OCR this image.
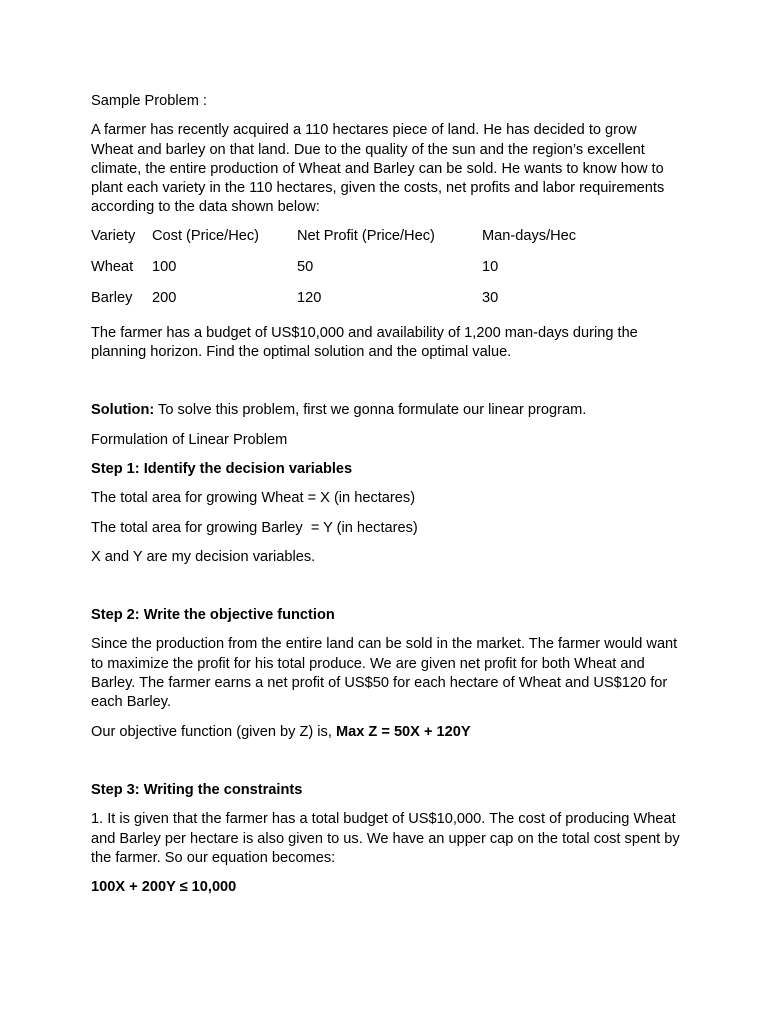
Sample Problem :

A farmer has recently acquired a 110 hectares piece of land. He has decided to grow Wheat and barley on that land. Due to the quality of the sun and the region’s excellent climate, the entire production of Wheat and Barley can be sold. He wants to know how to plant each variety in the 110 hectares, given the costs, net profits and labor requirements according to the data shown below:

Variety	Cost (Price/Hec)	Net Profit (Price/Hec)	Man-days/Hec
Wheat	100	50	10
Barley	200	120	30

The farmer has a budget of US$10,000 and availability of 1,200 man-days during the planning horizon. Find the optimal solution and the optimal value.

Solution: To solve this problem, first we gonna formulate our linear program.

Formulation of Linear Problem

Step 1: Identify the decision variables

The total area for growing Wheat = X (in hectares)

The total area for growing Barley  = Y (in hectares)

X and Y are my decision variables.

Step 2: Write the objective function

Since the production from the entire land can be sold in the market. The farmer would want to maximize the profit for his total produce. We are given net profit for both Wheat and Barley. The farmer earns a net profit of US$50 for each hectare of Wheat and US$120 for each Barley.

Our objective function (given by Z) is, Max Z = 50X + 120Y

Step 3: Writing the constraints

1. It is given that the farmer has a total budget of US$10,000. The cost of producing Wheat and Barley per hectare is also given to us. We have an upper cap on the total cost spent by the farmer. So our equation becomes:

100X + 200Y ≤ 10,000
